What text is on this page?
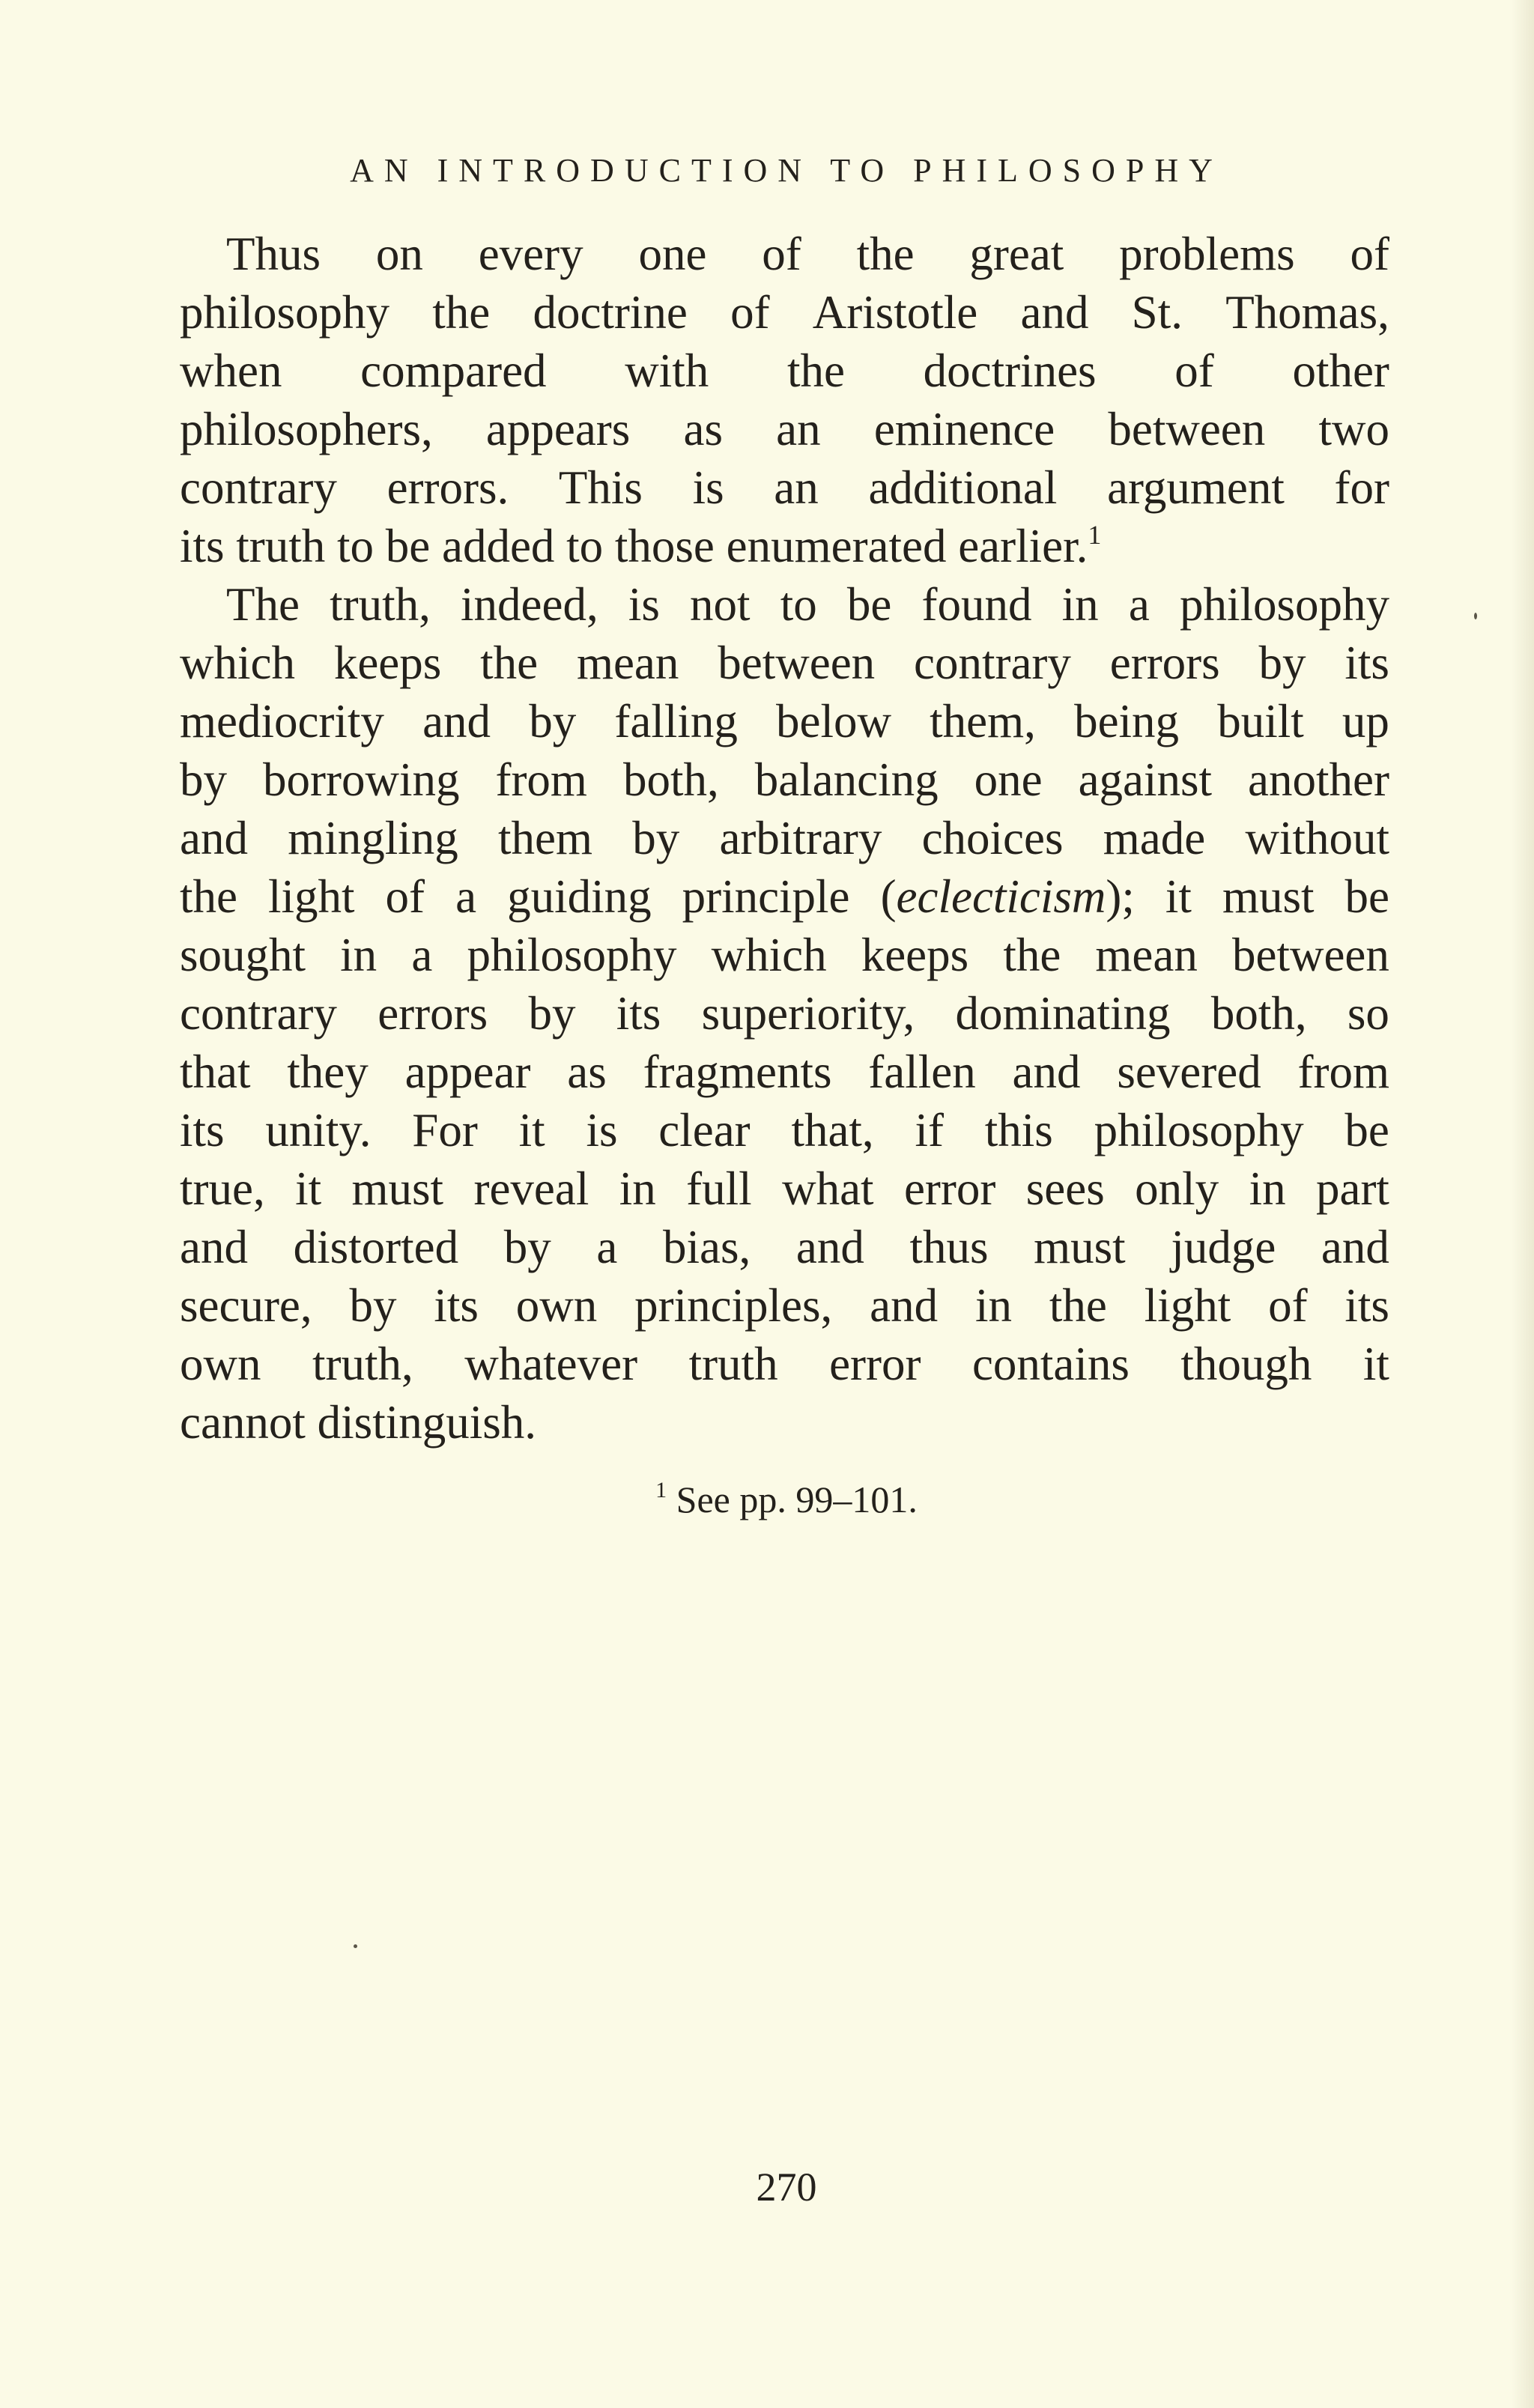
AN INTRODUCTION TO PHILOSOPHY
Thus on every one of the great problems of
philosophy the doctrine of Aristotle and St. Thomas,
when compared with the doctrines of other
philosophers, appears as an eminence between two
contrary errors. This is an additional argument for
its truth to be added to those enumerated earlier.$^1$
The truth, indeed, is not to be found in a philosophy
which keeps the mean between contrary errors by its
mediocrity and by falling below them, being built up
by borrowing from both, balancing one against another
and mingling them by arbitrary choices made without
the light of a guiding principle (eclecticism); it must be
sought in a philosophy which keeps the mean between
contrary errors by its superiority, dominating both, so
that they appear as fragments fallen and severed from
its unity. For it is clear that, if this philosophy be
true, it must reveal in full what error sees only in part
and distorted by a bias, and thus must judge and
secure, by its own principles, and in the light of its
own truth, whatever truth error contains though it
cannot distinguish.
$^1$ See pp. 99–101.
270
